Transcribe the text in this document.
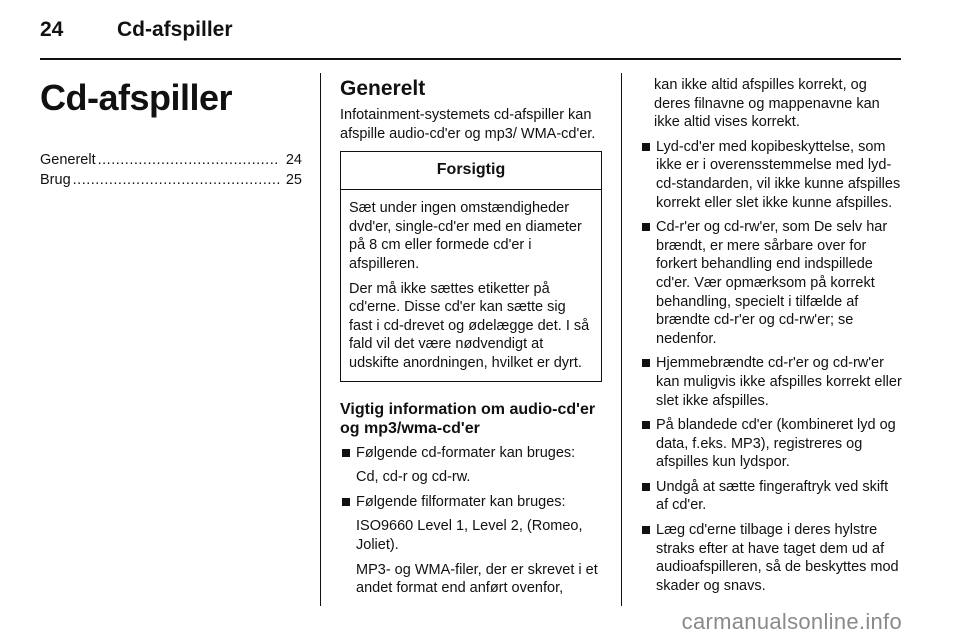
24	Cd-afspiller
Cd-afspiller
Generelt ........................................ 24
Brug .............................................. 25
Generelt

Infotainment-systemets cd-afspiller kan afspille audio-cd'er og mp3/ WMA-cd'er.

Forsigtig

Sæt under ingen omstændigheder dvd'er, single-cd'er med en diameter på 8 cm eller formede cd'er i afspilleren.

Der må ikke sættes etiketter på cd'erne. Disse cd'er kan sætte sig fast i cd-drevet og ødelægge det. I så fald vil det være nødvendigt at udskifte anordningen, hvilket er dyrt.

Vigtig information om audio-cd'er og mp3/wma-cd'er
Følgende cd-formater kan bruges:
Cd, cd-r og cd-rw.
Følgende filformater kan bruges:
ISO9660 Level 1, Level 2, (Romeo, Joliet).
MP3- og WMA-filer, der er skrevet i et andet format end anført ovenfor,

kan ikke altid afspilles korrekt, og deres filnavne og mappenavne kan ikke altid vises korrekt.

Lyd-cd'er med kopibeskyttelse, som ikke er i overensstemmelse med lyd-cd-standarden, vil ikke kunne afspilles korrekt eller slet ikke kunne afspilles.
Cd-r'er og cd-rw'er, som De selv har brændt, er mere sårbare over for forkert behandling end indspillede cd'er. Vær opmærksom på korrekt behandling, specielt i tilfælde af brændte cd-r'er og cd-rw'er; se nedenfor.
Hjemmebrændte cd-r'er og cd-rw'er kan muligvis ikke afspilles korrekt eller slet ikke afspilles.
På blandede cd'er (kombineret lyd og data, f.eks. MP3), registreres og afspilles kun lydspor.
Undgå at sætte fingeraftryk ved skift af cd'er.
Læg cd'erne tilbage i deres hylstre straks efter at have taget dem ud af audioafspilleren, så de beskyttes mod skader og snavs.
carmanualsonline.info
